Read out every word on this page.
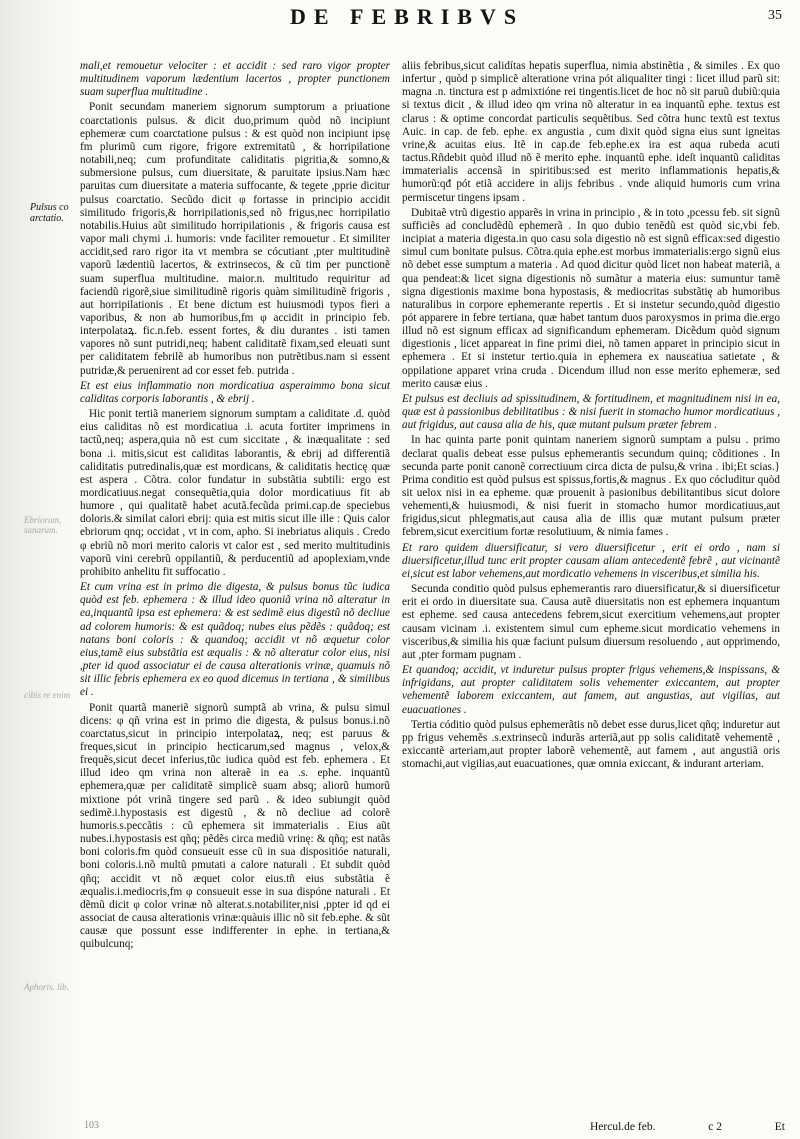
DE FEBRIBVS	35
Pulsus co arctatio.
Ebriorum, sanarum.
cibis re enim
Aphoris. lib.

mali,et remouetur velociter : et accidit : sed raro vigor propter multitudinem vaporum lædentium lacertos , propter punctionem suam superflua multitudine .

Ponit secundam maneriem signorum sumptorum a priuatione coarctationis pulsus. & dicit duo,primum quòd nõ incipiunt ephemeræ cum coarctatione pulsus : & est quòd non incipiunt ipsę fm plurimũ cum rigore, frigore extremitatũ , & horripilatione notabili,neq; cum profunditate caliditatis pigritia,& somno,& submersione pulsus, cum diuersitate, & paruitate ipsius.Nam hæc paruitas cum diuersitate a materia suffocante, & tegete ,pprie dicitur pulsus coarctatio. Secũdo dicit φ fortasse in principio accidit similitudo frigoris,& horripilationis,sed nõ frigus,nec horripilatio notabilis.Huius aũt similitudo horripilationis , & frigoris causa est vapor mali chymi .i. humoris: vnde faciliter remouetur . Et similiter accidit,sed raro rigor ita vt membra se cócutiant ,pter multitudinẽ vaporũ lædentiũ lacertos, & extrinsecos, & cũ tim per punctionẽ suam superflua multitudine. maior.n. multitudo requiritur ad faciendũ rigorẽ,siue similitudinẽ rigoris quàm similitudinẽ frigoris , aut horripilationis . Et bene dictum est huiusmodi typos fieri a vaporibus, & non ab humoribus,fm φ accidit in principio feb. interpolataꝝ. fic.n.feb. essent fortes, & diu durantes . isti tamen vapores nõ sunt putridi,neq; habent caliditatẽ fixam,sed eleuati sunt per caliditatem febrilẽ ab humoribus non putrẽtibus.nam si essent putridæ,& peruenirent ad cor esset feb. putrida .

Et est eius inflammatio non mordicatiua asperaimmo bona sicut caliditas corporis laborantis , & ebrij .

Hic ponit tertiã maneriem signorum sumptam a caliditate .d. quòd eius caliditas nõ est mordicatiua .i. acuta fortiter imprimens in tactũ,neq; aspera,quia nõ est cum siccitate , & inæqualitate : sed bona .i. mitis,sicut est caliditas laborantis, & ebrij ad differentiã caliditatis putredinalis,quæ est mordicans, & caliditatis hecticę quæ est aspera . Cõtra. color fundatur in substãtia subtili: ergo est mordicatiuus.negat consequẽtia,quia dolor mordicatiuus fit ab humore , qui qualitatẽ habet acutã.fecũda primi.cap.de speciebus doloris.& similat calori ebrij: quia est mitis sicut ille ille : Quis calor ebriorum qnq; occidat , vt in com, apho. Si inebriatus aliquis . Credo φ ebriũ nõ mori merito caloris vt calor est , sed merito multitudinis vaporũ vini cerebrũ oppilantiũ, & perducentiũ ad apoplexiam,vnde prohibito anhelitu fit suffocatio .

Et cum vrina est in primo die digesta, & pulsus bonus tũc iudica quòd est feb. ephemera : & illud ideo quoniã vrina nõ alteratur in ea,inquantũ ipsa est ephemera: & est sedimẽ eius digestũ nõ decliue ad colorem humoris: & est quãdoq; nubes eius pẽdẽs : quãdoq; est natans boni coloris : & quandoq; accidit vt nõ æquetur color eius,tamẽ eius substãtia est æqualis : & nõ alteratur color eius, nisi ,pter id quod associatur ei de causa alterationis vrinæ, quamuis nõ sit illic febris ephemera ex eo quod dicemus in tertiana , & similibus ei .

Ponit quartã maneriẽ signorũ sumptã ab vrina, & pulsu simul dicens: φ qñ vrina est in primo die digesta, & pulsus bonus.i.nõ coarctatus,sicut in principio interpolataꝝ, neq; est paruus & freques,sicut in principio hecticarum,sed magnus , velox,& frequẽs,sicut decet inferius,tũc iudica quòd est feb. ephemera . Et illud ideo qm vrina non alteraẽ in ea .s. ephe. inquantũ ephemera,quæ per caliditatẽ simplicẽ suam absq; aliorũ humorũ mixtione pót vrinã tingere sed parũ . & ideo subiungit quòd sedimẽ.i.hypostasis est digestũ , & nõ decliue ad colorẽ humoris.s.peccãtis : cũ ephemera sit immaterialis . Eius aũt nubes.i.hypostasis est qñq; pẽdẽs circa mediũ vrinę: & qñq; est natãs boni coloris.fm quòd consueuit esse cũ in sua dispositióe naturali, boni coloris.i.nõ multũ pmutati a calore naturali . Et subdit quòd qñq; accidit vt nõ æquet color eius.tñ eius substãtia ẽ æqualis.i.mediocris,fm φ consueuit esse in sua dispóne naturali . Et dẽmũ dicit φ color vrinæ nõ alterat.s.notabiliter,nisi ,ppter id qd ei associat de causa alterationis vrinæ:quàuis illic nõ sit feb.ephe. & sũt causæ que possunt esse indifferenter in ephe. in tertiana,& quibulcunq;

aliis febribus,sicut calidítas hepatis superflua, nimia abstinẽtia , & similes . Ex quo infertur , quòd p simplicẽ alteratione vrina pót aliqualiter tingi : licet illud parũ sit: magna .n. tinctura est p admixtióne rei tingentis.licet de hoc nõ sit paruũ dubiũ:quia si textus dicit , & illud ideo qm vrina nõ alteratur in ea inquantũ ephe. textus est clarus : & optime concordat particulis sequẽtibus. Sed cõtra hunc textũ est textus Auic. in cap. de feb. ephe. ex angustia , cum dixit quòd signa eius sunt igneitas vrine,& acuitas eius. Itẽ in cap.de feb.ephe.ex ira est aqua rubeda acuti tactus.Rñdebit quòd illud nõ ẽ merito ephe. inquantũ ephe. ideſt inquantũ caliditas immaterialis accensã in spiritibus:sed est merito inflammationis hepatis,& humorũ:qđ pót etiã accidere in alijs febribus . vnde aliquid humoris cum vrina permiscetur tingens ipsam .

Dubitaẽ vtrũ digestio apparẽs in vrina in principio , & in toto ,pcessu feb. sit signũ sufficiẽs ad concludẽdũ ephemerã . In quo dubio tenẽdũ est quòd sic,vbi feb. incipiat a materia digesta.in quo casu sola digestio nõ est signũ efficax:sed digestio simul cum bonitate pulsus. Cõtra.quia ephe.est morbus immaterialis:ergo signũ eius nõ debet esse sumptum a materia . Ad quod dicitur quòd licet non habeat materiã, a qua pendeat:& licet signa digestionis nõ sumãtur a materia eius: sumuntur tamẽ signa digestionis maxime bona hypostasis, & mediocritas substãtię ab humoribus naturalibus in corpore ephemerante repertis . Et si instetur secundo,quòd digestio pót apparere in febre tertiana, quæ habet tantum duos paroxysmos in prima die.ergo illud nõ est signum efficax ad significandum ephemeram. Dicẽdum quòd signum digestionis , licet appareat in fine primi diei, nõ tamen apparet in principio sicut in ephemera . Et si instetur tertio.quia in ephemera ex nausεatiua satietate , & oppilatione apparet vrina cruda . Dicendum illud non esse merito ephemeræ, sed merito causæ eius .

Et pulsus est decliuis ad spissitudinem, & fortitudinem, et magnitudinem nisi in ea, quæ est à passionibus debilitatibus : & nisi fuerit in stomacho humor mordicatiuus , aut frigidus, aut causa alia de his, quæ mutant pulsum præter febrem .

In hac quinta parte ponit quintam naneriem signorũ sumptam a pulsu . primo declarat qualis debeat esse pulsus ephemerantis secundum quinq; cõditiones . In secunda parte ponit canonẽ correctiuum circa dicta de pulsu,& vrina . ibi;Et scias.} Prima conditio est quòd pulsus est spissus,fortis,& magnus . Ex quo cócluditur quòd sit uelox nisi in ea epheme. quæ prouenit à pasionibus debilitantibus sicut dolore vehementi,& huiusmodi, & nisi fuerit in stomacho humor mordicatiuus,aut frigidus,sicut phlegmatis,aut causa alia de illis quæ mutant pulsum præter febrem,sicut exercitium fortæ resolutiuum, & nimia fames .

Et raro quidem diuersificatur, si vero diuersificetur , erit ei ordo , nam si diuersificetur,illud tunc erit propter causam aliam antecedentẽ febrẽ , aut vicinantẽ ei,sicut est labor vehemens,aut mordicatio vehemens in visceribus,et similia his.

Secunda conditio quòd pulsus ephemerantis raro diuersificatur,& si diuersificetur erit ei ordo in diuersitate sua. Causa autẽ diuersitatis non est ephemera inquantum est epheme. sed causa antecedens febrem,sicut exercitium vehemens,aut propter causam vicinam .i. existentem simul cum epheme.sicut mordicatio vehemens in visceribus,& similia his quæ faciunt pulsum diuersum resoluendo , aut opprimendo, aut ,pter formam pugnam .

Et quandoq; accidit, vt induretur pulsus propter frigus vehemens,& inspissans, & infrigidans, aut propter caliditatem solis vehementer exiccantem, aut propter vehementẽ laborem exiccantem, aut famem, aut angustias, aut vigilias, aut euacuationes .

Tertia códitio quòd pulsus ephemerãtis nõ debet esse durus,licet qñq; induretur aut pp frigus vehemẽs .s.extrinsecũ indurãs arteriã,aut pp solis caliditatẽ vehementẽ , exiccantẽ arteriam,aut propter laborẽ vehementẽ, aut famem , aut angustiã oris stomachi,aut vigilias,aut euacuationes, quæ omnia exiccant, & indurant arteriam.

Hercul.de feb.	c 2	Et
103
